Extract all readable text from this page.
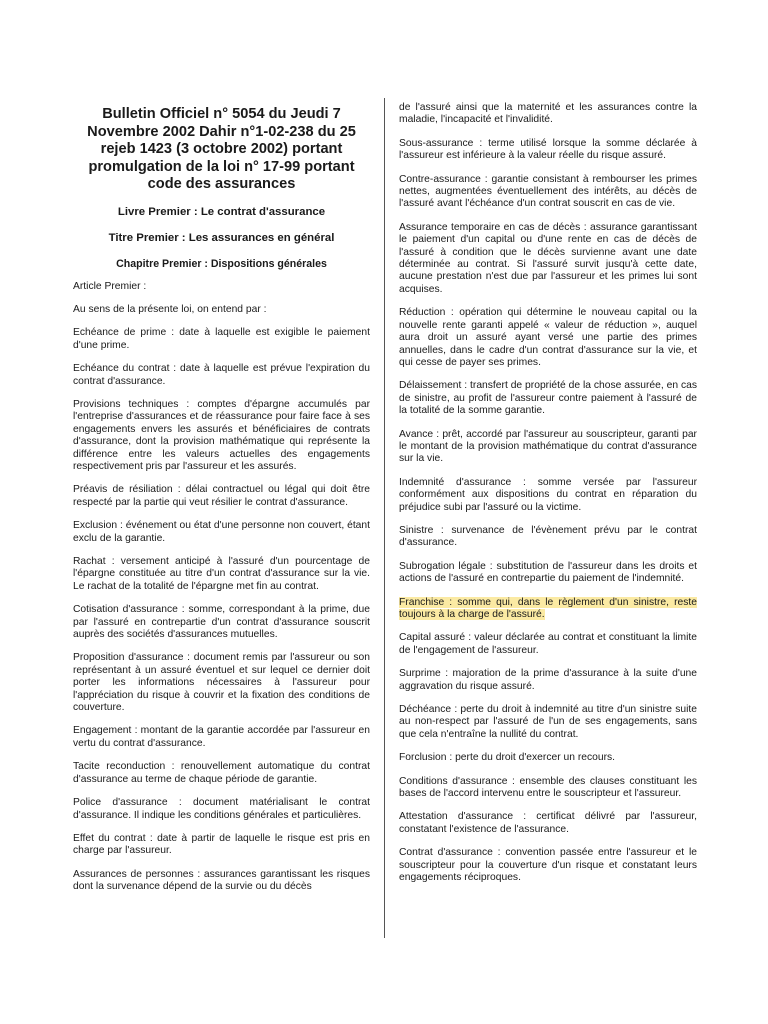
Bulletin Officiel n° 5054 du Jeudi 7 Novembre 2002 Dahir n°1-02-238 du 25 rejeb 1423 (3 octobre 2002) portant promulgation de la loi n° 17-99 portant code des assurances
Livre Premier : Le contrat d'assurance
Titre Premier : Les assurances en général
Chapitre Premier : Dispositions générales

Article Premier :

Au sens de la présente loi, on entend par :

Echéance de prime : date à laquelle est exigible le paiement d'une prime.

Echéance du contrat : date à laquelle est prévue l'expiration du contrat d'assurance.

Provisions techniques : comptes d'épargne accumulés par l'entreprise d'assurances et de réassurance pour faire face à ses engagements envers les assurés et bénéficiaires de contrats d'assurance, dont la provision mathématique qui représente la différence entre les valeurs actuelles des engagements respectivement pris par l'assureur et les assurés.

Préavis de résiliation : délai contractuel ou légal qui doit être respecté par la partie qui veut résilier le contrat d'assurance.

Exclusion : événement ou état d'une personne non couvert, étant exclu de la garantie.

Rachat : versement anticipé à l'assuré d'un pourcentage de l'épargne constituée au titre d'un contrat d'assurance sur la vie. Le rachat de la totalité de l'épargne met fin au contrat.

Cotisation d'assurance : somme, correspondant à la prime, due par l'assuré en contrepartie d'un contrat d'assurance souscrit auprès des sociétés d'assurances mutuelles.

Proposition d'assurance : document remis par l'assureur ou son représentant à un assuré éventuel et sur lequel ce dernier doit porter les informations nécessaires à l'assureur pour l'appréciation du risque à couvrir et la fixation des conditions de couverture.

Engagement : montant de la garantie accordée par l'assureur en vertu du contrat d'assurance.

Tacite reconduction : renouvellement automatique du contrat d'assurance au terme de chaque période de garantie.

Police d'assurance : document matérialisant le contrat d'assurance. Il indique les conditions générales et particulières.

Effet du contrat : date à partir de laquelle le risque est pris en charge par l'assureur.

Assurances de personnes : assurances garantissant les risques dont la survenance dépend de la survie ou du décès

de l'assuré ainsi que la maternité et les assurances contre la maladie, l'incapacité et l'invalidité.

Sous-assurance : terme utilisé lorsque la somme déclarée à l'assureur est inférieure à la valeur réelle du risque assuré.

Contre-assurance : garantie consistant à rembourser les primes nettes, augmentées éventuellement des intérêts, au décès de l'assuré avant l'échéance d'un contrat souscrit en cas de vie.

Assurance temporaire en cas de décès : assurance garantissant le paiement d'un capital ou d'une rente en cas de décès de l'assuré à condition que le décès survienne avant une date déterminée au contrat. Si l'assuré survit jusqu'à cette date, aucune prestation n'est due par l'assureur et les primes lui sont acquises.

Réduction : opération qui détermine le nouveau capital ou la nouvelle rente garanti appelé « valeur de réduction », auquel aura droit un assuré ayant versé une partie des primes annuelles, dans le cadre d'un contrat d'assurance sur la vie, et qui cesse de payer ses primes.

Délaissement : transfert de propriété de la chose assurée, en cas de sinistre, au profit de l'assureur contre paiement à l'assuré de la totalité de la somme garantie.

Avance : prêt, accordé par l'assureur au souscripteur, garanti par le montant de la provision mathématique du contrat d'assurance sur la vie.

Indemnité d'assurance : somme versée par l'assureur conformément aux dispositions du contrat en réparation du préjudice subi par l'assuré ou la victime.

Sinistre : survenance de l'évènement prévu par le contrat d'assurance.

Subrogation légale : substitution de l'assureur dans les droits et actions de l'assuré en contrepartie du paiement de l'indemnité.

Franchise : somme qui, dans le règlement d'un sinistre, reste toujours à la charge de l'assuré.

Capital assuré : valeur déclarée au contrat et constituant la limite de l'engagement de l'assureur.

Surprime : majoration de la prime d'assurance à la suite d'une aggravation du risque assuré.

Déchéance : perte du droit à indemnité au titre d'un sinistre suite au non-respect par l'assuré de l'un de ses engagements, sans que cela n'entraîne la nullité du contrat.

Forclusion : perte du droit d'exercer un recours.

Conditions d'assurance : ensemble des clauses constituant les bases de l'accord intervenu entre le souscripteur et l'assureur.

Attestation d'assurance : certificat délivré par l'assureur, constatant l'existence de l'assurance.

Contrat d'assurance : convention passée entre l'assureur et le souscripteur pour la couverture d'un risque et constatant leurs engagements réciproques.
